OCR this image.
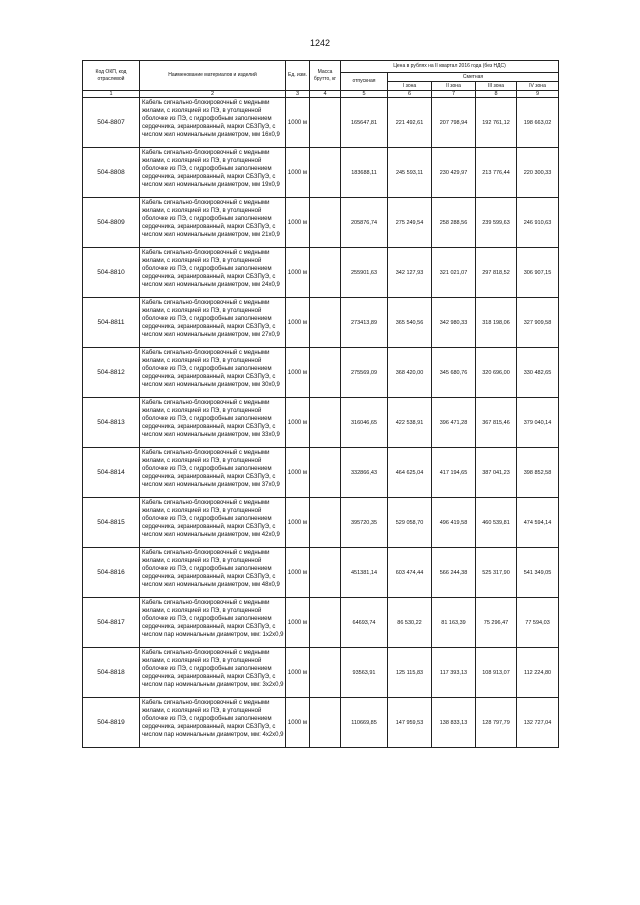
1242
Код ОКП, код отраслевой	Наименование материалов и изделий	Ед. изм.	Масса брутто, кг	Цена в рублях на II квартал 2016 года (без НДС)				
				отпускная	Сметная			
					I зона	II зона	III зона	IV зона
1	2	3	4	5	6	7	8	9
504-8807	Кабель сигнально-блокировочный с медными жилами, с изоляцией из ПЭ, в утолщенной оболочке из ПЭ, с гидрофобным заполнением сердечника, экранированный, марки СБЗПуЭ, с числом жил номинальным диаметром, мм 16х0,9	1000 м		165647,81	221 492,61	207 798,94	192 761,12	198 663,02
504-8808	Кабель сигнально-блокировочный с медными жилами, с изоляцией из ПЭ, в утолщенной оболочке из ПЭ, с гидрофобным заполнением сердечника, экранированный, марки СБЗПуЭ, с числом жил номинальным диаметром, мм 19х0,9	1000 м		183688,11	245 593,11	230 429,97	213 776,44	220 300,33
504-8809	Кабель сигнально-блокировочный с медными жилами, с изоляцией из ПЭ, в утолщенной оболочке из ПЭ, с гидрофобным заполнением сердечника, экранированный, марки СБЗПуЭ, с числом жил номинальным диаметром, мм 21х0,9	1000 м		205876,74	275 249,54	258 288,56	239 599,63	246 910,63
504-8810	Кабель сигнально-блокировочный с медными жилами, с изоляцией из ПЭ, в утолщенной оболочке из ПЭ, с гидрофобным заполнением сердечника, экранированный, марки СБЗПуЭ, с числом жил номинальным диаметром, мм 24х0,9	1000 м		255901,63	342 127,93	321 021,07	297 818,52	306 907,15
504-8811	Кабель сигнально-блокировочный с медными жилами, с изоляцией из ПЭ, в утолщенной оболочке из ПЭ, с гидрофобным заполнением сердечника, экранированный, марки СБЗПуЭ, с числом жил номинальным диаметром, мм 27х0,9	1000 м		273413,89	365 540,56	342 980,33	318 198,06	327 909,58
504-8812	Кабель сигнально-блокировочный с медными жилами, с изоляцией из ПЭ, в утолщенной оболочке из ПЭ, с гидрофобным заполнением сердечника, экранированный, марки СБЗПуЭ, с числом жил номинальным диаметром, мм 30х0,9	1000 м		275569,09	368 420,00	345 680,76	320 696,00	330 482,65
504-8813	Кабель сигнально-блокировочный с медными жилами, с изоляцией из ПЭ, в утолщенной оболочке из ПЭ, с гидрофобным заполнением сердечника, экранированный, марки СБЗПуЭ, с числом жил номинальным диаметром, мм 33х0,9	1000 м		316046,65	422 538,91	396 471,28	367 815,46	379 040,14
504-8814	Кабель сигнально-блокировочный с медными жилами, с изоляцией из ПЭ, в утолщенной оболочке из ПЭ, с гидрофобным заполнением сердечника, экранированный, марки СБЗПуЭ, с числом жил номинальным диаметром, мм 37х0,9	1000 м		332866,43	464 625,04	417 194,65	387 041,23	398 852,58
504-8815	Кабель сигнально-блокировочный с медными жилами, с изоляцией из ПЭ, в утолщенной оболочке из ПЭ, с гидрофобным заполнением сердечника, экранированный, марки СБЗПуЭ, с числом жил номинальным диаметром, мм 42х0,9	1000 м		395720,35	529 058,70	496 419,58	460 539,81	474 594,14
504-8816	Кабель сигнально-блокировочный с медными жилами, с изоляцией из ПЭ, в утолщенной оболочке из ПЭ, с гидрофобным заполнением сердечника, экранированный, марки СБЗПуЭ, с числом жил номинальным диаметром, мм 48х0,9	1000 м		451381,14	603 474,44	566 244,38	525 317,90	541 349,05
504-8817	Кабель сигнально-блокировочный с медными жилами, с изоляцией из ПЭ, в утолщенной оболочке из ПЭ, с гидрофобным заполнением сердечника, экранированный, марки СБЗПуЭ, с числом пар номинальным диаметром, мм: 1х2х0,9	1000 м		64693,74	86 530,22	81 163,39	75 296,47	77 594,03
504-8818	Кабель сигнально-блокировочный с медными жилами, с изоляцией из ПЭ, в утолщенной оболочке из ПЭ, с гидрофобным заполнением сердечника, экранированный, марки СБЗПуЭ, с числом пар номинальным диаметром, мм: 3х2х0,9	1000 м		93563,91	125 115,83	117 393,13	108 913,07	112 224,80
504-8819	Кабель сигнально-блокировочный с медными жилами, с изоляцией из ПЭ, в утолщенной оболочке из ПЭ, с гидрофобным заполнением сердечника, экранированный, марки СБЗПуЭ, с числом пар номинальным диаметром, мм: 4х2х0,9	1000 м		110669,85	147 959,53	138 833,13	128 797,79	132 727,04
